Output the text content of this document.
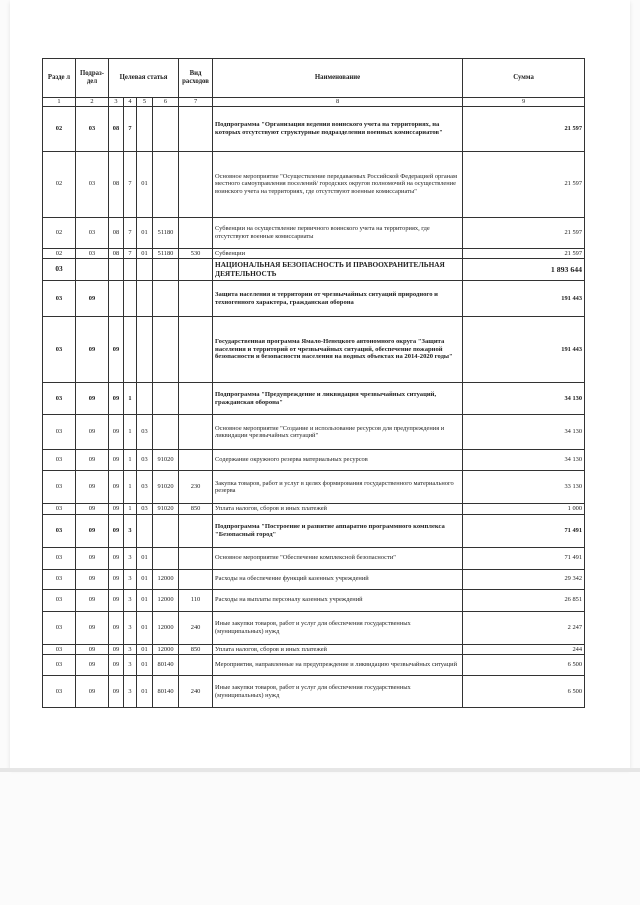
Разде л	Подраз- дел	Целевая статья				Вид расходов	Наименование	Сумма
1	2	3	4	5	6	7	8	9
02	03	08	7				Подпрограмма "Организация ведения воинского учета на территориях, на которых отсутствуют структурные подразделения военных комиссариатов"	21 597
02	03	08	7	01			Основное мероприятие "Осуществление передаваемых Российской Федерацией органам местного самоуправления поселений/ городских округов полномочий на осуществление воинского учета на территориях, где отсутствуют военные комиссариаты"	21 597
02	03	08	7	01	51180		Субвенции на осуществление первичного воинского учета на территориях, где отсутствуют военные комиссариаты	21 597
02	03	08	7	01	51180	530	Субвенции	21 597
03							НАЦИОНАЛЬНАЯ БЕЗОПАСНОСТЬ И ПРАВООХРАНИТЕЛЬНАЯ ДЕЯТЕЛЬНОСТЬ	1 893 644
03	09						Защита населения и территории от чрезвычайных ситуаций природного и техногенного характера, гражданская оборона	191 443
03	09	09					Государственная программа Ямало-Ненецкого автономного округа "Защита населения и территорий от чрезвычайных ситуаций, обеспечение пожарной безопасности и безопасности населения на водных объектах на 2014-2020 годы"	191 443
03	09	09	1				Подпрограмма "Предупреждение и ликвидация чрезвычайных ситуаций, гражданская оборона"	34 130
03	09	09	1	03			Основное мероприятие "Создание и использование ресурсов для предупреждения и ликвидации чрезвычайных ситуаций"	34 130
03	09	09	1	03	91020		Содержание окружного резерва материальных ресурсов	34 130
03	09	09	1	03	91020	230	Закупка товаров, работ и услуг в целях формирования государственного материального резерва	33 130
03	09	09	1	03	91020	850	Уплата налогов, сборов и иных платежей	1 000
03	09	09	3				Подпрограмма "Построение и развитие аппаратно программного комплекса "Безопасный город"	71 491
03	09	09	3	01			Основное мероприятие "Обеспечение комплексной безопасности"	71 491
03	09	09	3	01	12000		Расходы на обеспечение функций казенных учреждений	29 342
03	09	09	3	01	12000	110	Расходы на выплаты персоналу казенных учреждений	26 851
03	09	09	3	01	12000	240	Иные закупки товаров, работ и услуг для обеспечения государственных (муниципальных) нужд	2 247
03	09	09	3	01	12000	850	Уплата налогов, сборов и иных платежей	244
03	09	09	3	01	80140		Мероприятия, направленные на предупреждение и ликвидацию чрезвычайных ситуаций	6 500
03	09	09	3	01	80140	240	Иные закупки товаров, работ и услуг для обеспечения государственных (муниципальных) нужд	6 500
